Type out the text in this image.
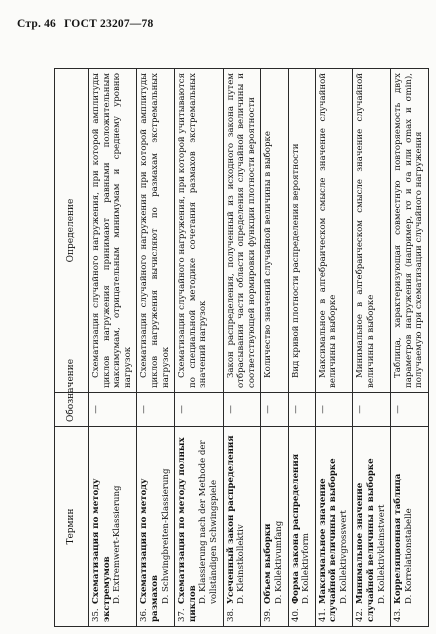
Стр. 46 ГОСТ 23207—78
Термин	Обозначение	Определение
35.Схематизация по методу экстремумов D. Extremwert-Klassierung	—	Схематизация случайного нагружения, при которой амплитуды циклов нагружения принимают равными положительным максимумам, отрицательным минимумам и среднему уровню нагрузок
36.Схематизация по методу размахов D. Schwingbreiten-Klassierung	—	Схематизация случайного нагружения при которой амплитуды циклов нагружения вычисляют по размахам экстремальных нагрузок
37.Схематизация по методу полных циклов D. Klassierung nach der Methode der vollständigen Schwingspiele	—	Схематизация случайного нагружения, при которой учитываются по специальной методике сочетания размахов экстремальных значений нагрузок
38.Усеченный закон распределения D. Kleinstkollektiv	—	Закон распределения, полученный из исходного закона путем отбрасывания части области определения случайной величины и соответствующей нормировки функции плотности вероятности
39.Объем выборки D. Kollektivumfang	—	Количество значений случайной величины в выборке
40.Форма закона распределения D. Kollektivform	—	Вид кривой плотности распределения вероятности
41.Максимальное значение случайной величины в выборке D. Kollektivgrosswert	—	Максимальное в алгебраическом смысле значение случайной величины в выборке
42.Минимальное значение случайной величины в выборке D. Kollektivkleinstwert	—	Минимальное в алгебраическом смысле значение случайной величины в выборке
43.Корреляционная таблица D. Korrelationstabelle	—	Таблица, характеризующая совместную повторяемость двух параметров нагружения (например, rσ и σa или σmax и σmin), получаемую при схематизации случайного нагружения
